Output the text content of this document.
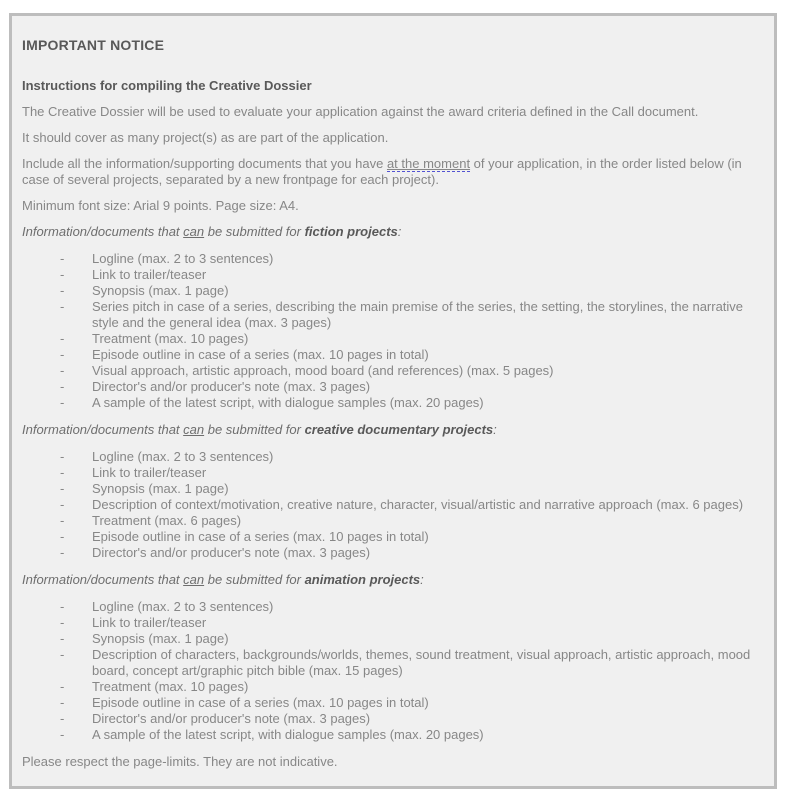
IMPORTANT NOTICE
Instructions for compiling the Creative Dossier

The Creative Dossier will be used to evaluate your application against the award criteria defined in the Call document.

It should cover as many project(s) as are part of the application.

Include all the information/supporting documents that you have at the moment of your application, in the order listed below (in case of several projects, separated by a new frontpage for each project).

Minimum font size: Arial 9 points. Page size: A4.

Information/documents that can be submitted for fiction projects:

- Logline (max. 2 to 3 sentences)
- Link to trailer/teaser
- Synopsis (max. 1 page)
- Series pitch in case of a series, describing the main premise of the series, the setting, the storylines, the narrative style and the general idea (max. 3 pages)
- Treatment (max. 10 pages)
- Episode outline in case of a series (max. 10 pages in total)
- Visual approach, artistic approach, mood board (and references) (max. 5 pages)
- Director's and/or producer's note (max. 3 pages)
- A sample of the latest script, with dialogue samples (max. 20 pages)

Information/documents that can be submitted for creative documentary projects:

- Logline (max. 2 to 3 sentences)
- Link to trailer/teaser
- Synopsis (max. 1 page)
- Description of context/motivation, creative nature, character, visual/artistic and narrative approach (max. 6 pages)
- Treatment (max. 6 pages)
- Episode outline in case of a series (max. 10 pages in total)
- Director's and/or producer's note (max. 3 pages)

Information/documents that can be submitted for animation projects:

- Logline (max. 2 to 3 sentences)
- Link to trailer/teaser
- Synopsis (max. 1 page)
- Description of characters, backgrounds/worlds, themes, sound treatment, visual approach, artistic approach, mood board, concept art/graphic pitch bible (max. 15 pages)
- Treatment (max. 10 pages)
- Episode outline in case of a series (max. 10 pages in total)
- Director's and/or producer's note (max. 3 pages)
- A sample of the latest script, with dialogue samples (max. 20 pages)

Please respect the page-limits. They are not indicative.
